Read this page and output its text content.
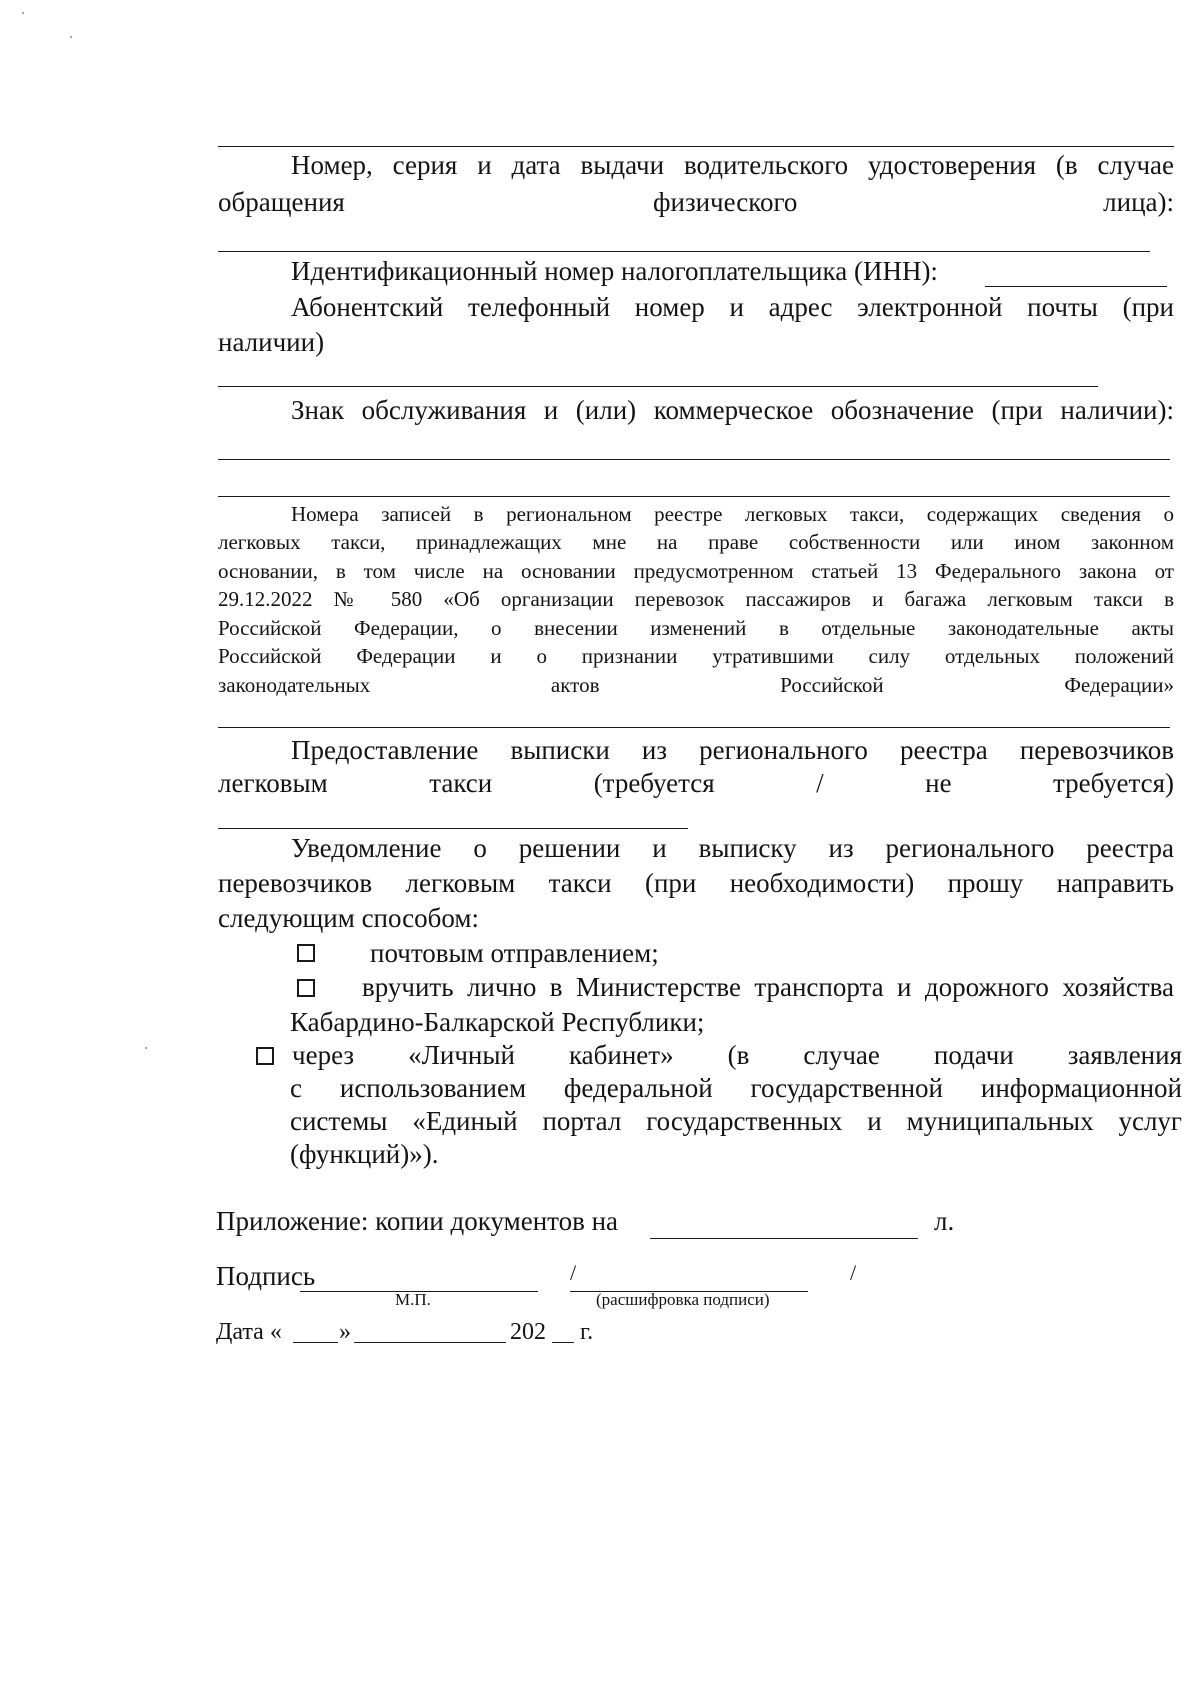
Номер, серия и дата выдачи водительского удостоверения (в случае
обращения	физического	лица):
Идентификационный номер налогоплательщика (ИНН):
Абонентский телефонный номер и адрес электронной почты (при
наличии)
Знак обслуживания и (или) коммерческое обозначение (при наличии):
Номера записей в региональном реестре легковых такси, содержащих сведения о
легковых такси, принадлежащих мне на праве собственности или ином законном
основании, в том числе на основании предусмотренном статьей 13 Федерального закона от
29.12.2022 № 580 «Об организации перевозок пассажиров и багажа легковым такси в
Российской Федерации, о внесении изменений в отдельные законодательные акты
Российской Федерации и о признании утратившими силу отдельных положений
законодательных актов Российской Федерации»
Предоставление выписки из регионального реестра перевозчиков
легковым такси (требуется / не требуется)
Уведомление о решении и выписку из регионального реестра
перевозчиков легковым такси (при необходимости) прошу направить
следующим способом:
почтовым отправлением;
вручить лично в Министерстве транспорта и дорожного хозяйства
Кабардино-Балкарской Республики;
через «Личный кабинет» (в случае подачи заявления
с использованием федеральной государственной информационной
системы «Единый портал государственных и муниципальных услуг
(функций)»).
Приложение: копии документов на	л.
Подпись	/	/
М.П.	(расшифровка подписи)
Дата « »	202 г.
